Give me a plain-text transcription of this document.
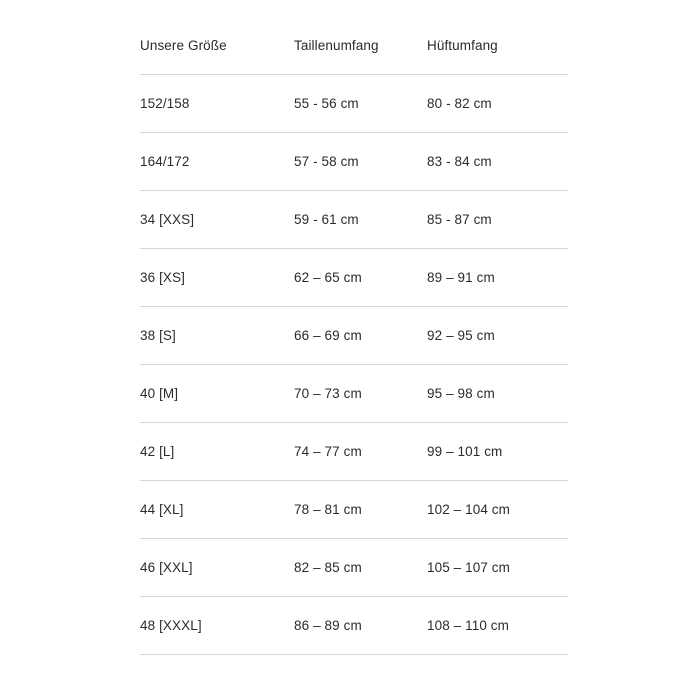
Unsere Größe	Taillenumfang	Hüftumfang
152/158	55 - 56 cm	80 - 82 cm
164/172	57 - 58 cm	83 - 84 cm
34 [XXS]	59 - 61 cm	85 - 87 cm
36 [XS]	62 – 65 cm	89 – 91 cm
38 [S]	66 – 69 cm	92 – 95 cm
40 [M]	70 – 73 cm	95 – 98 cm
42 [L]	74 – 77 cm	99 – 101 cm
44 [XL]	78 – 81 cm	102 – 104 cm
46 [XXL]	82 – 85 cm	105 – 107 cm
48 [XXXL]	86 – 89 cm	108 – 110 cm
